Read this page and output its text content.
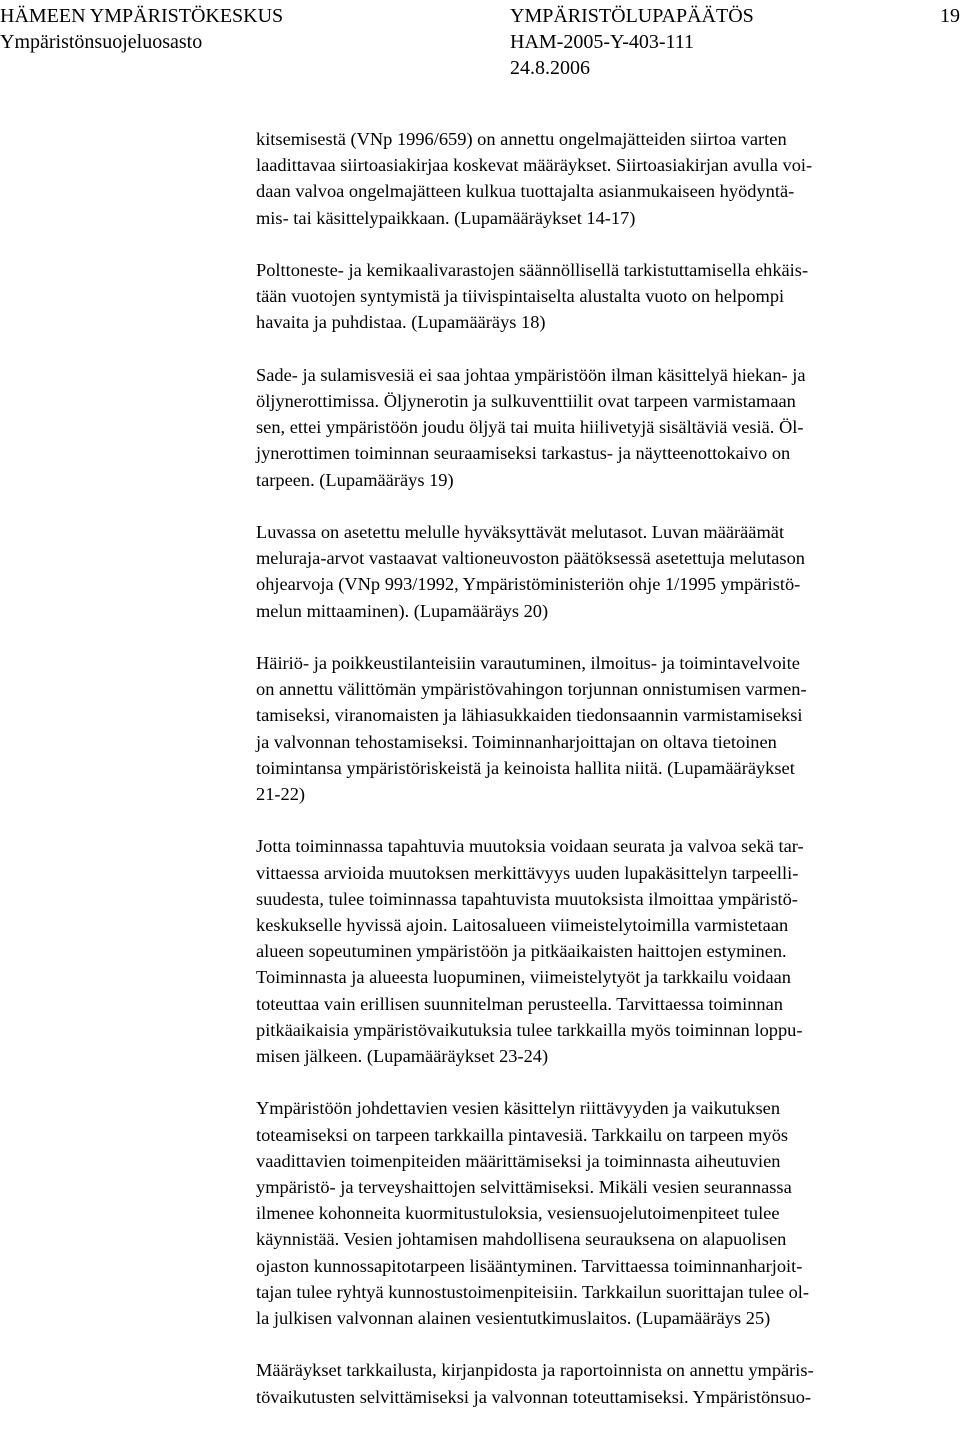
HÄMEEN YMPÄRISTÖKESKUS
Ympäristönsuojeluosasto
YMPÄRISTÖLUPAPÄÄTÖS
HAM-2005-Y-403-111
24.8.2006
19
kitsemisestä (VNp 1996/659) on annettu ongelmajätteiden siirtoa varten
laadittavaa siirtoasiakirjaa koskevat määräykset. Siirtoasiakirjan avulla voi-
daan valvoa ongelmajätteen kulkua tuottajalta asianmukaiseen hyödyntä-
mis- tai käsittelypaikkaan. (Lupamääräykset 14-17)
Polttoneste- ja kemikaalivarastojen säännöllisellä tarkistuttamisella ehkäis-
tään vuotojen syntymistä ja tiivispintaiselta alustalta vuoto on helpompi
havaita ja puhdistaa. (Lupamääräys 18)
Sade- ja sulamisvesiä ei saa johtaa ympäristöön ilman käsittelyä hiekan- ja
öljynerottimissa. Öljynerotin ja sulkuventtiilit ovat tarpeen varmistamaan
sen, ettei ympäristöön joudu öljyä tai muita hiilivetyjä sisältäviä vesiä. Öl-
jynerottimen toiminnan seuraamiseksi tarkastus- ja näytteenottokaivo on
tarpeen. (Lupamääräys 19)
Luvassa on asetettu melulle hyväksyttävät melutasot. Luvan määräämät
meluraja-arvot vastaavat valtioneuvoston päätöksessä asetettuja melutason
ohjearvoja (VNp 993/1992, Ympäristöministeriön ohje 1/1995 ympäristö-
melun mittaaminen). (Lupamääräys 20)
Häiriö- ja poikkeustilanteisiin varautuminen, ilmoitus- ja toimintavelvoite
on annettu välittömän ympäristövahingon torjunnan onnistumisen varmen-
tamiseksi, viranomaisten ja lähiasukkaiden tiedonsaannin varmistamiseksi
ja valvonnan tehostamiseksi. Toiminnanharjoittajan on oltava tietoinen
toimintansa ympäristöriskeistä ja keinoista hallita niitä. (Lupamääräykset
21-22)
Jotta toiminnassa tapahtuvia muutoksia voidaan seurata ja valvoa sekä tar-
vittaessa arvioida muutoksen merkittävyys uuden lupakäsittelyn tarpeelli-
suudesta, tulee toiminnassa tapahtuvista muutoksista ilmoittaa ympäristö-
keskukselle hyvissä ajoin. Laitosalueen viimeistelytoimilla varmistetaan
alueen sopeutuminen ympäristöön ja pitkäaikaisten haittojen estyminen.
Toiminnasta ja alueesta luopuminen, viimeistelytyöt ja tarkkailu voidaan
toteuttaa vain erillisen suunnitelman perusteella. Tarvittaessa toiminnan
pitkäaikaisia ympäristövaikutuksia tulee tarkkailla myös toiminnan loppu-
misen jälkeen. (Lupamääräykset 23-24)
Ympäristöön johdettavien vesien käsittelyn riittävyyden ja vaikutuksen
toteamiseksi on tarpeen tarkkailla pintavesiä. Tarkkailu on tarpeen myös
vaadittavien toimenpiteiden määrittämiseksi ja toiminnasta aiheutuvien
ympäristö- ja terveyshaittojen selvittämiseksi. Mikäli vesien seurannassa
ilmenee kohonneita kuormitustuloksia, vesiensuojelutoimenpiteet tulee
käynnistää. Vesien johtamisen mahdollisena seurauksena on alapuolisen
ojaston kunnossapitotarpeen lisääntyminen. Tarvittaessa toiminnanharjoit-
tajan tulee ryhtyä kunnostustoimenpiteisiin. Tarkkailun suorittajan tulee ol-
la julkisen valvonnan alainen vesientutkimuslaitos. (Lupamääräys 25)
Määräykset tarkkailusta, kirjanpidosta ja raportoinnista on annettu ympäris-
tövaikutusten selvittämiseksi ja valvonnan toteuttamiseksi. Ympäristönsuo-
